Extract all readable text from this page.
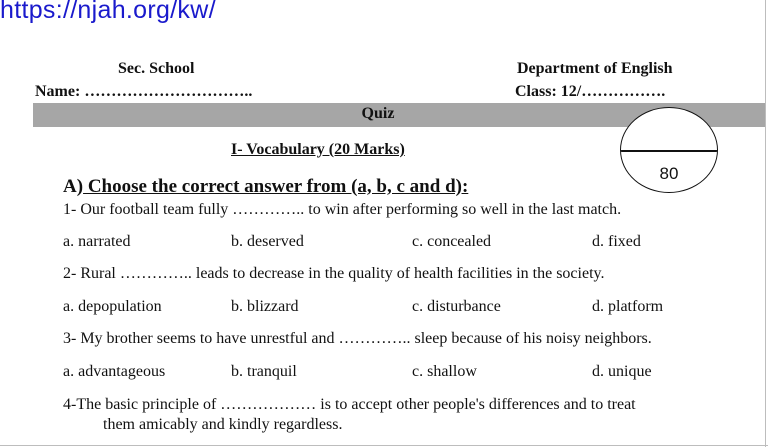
https://njah.org/kw/
Sec. School	Department of English
Name: …………………………..	Class: 12/…………….
Quiz
80
I- Vocabulary (20 Marks)
A) Choose the correct answer from (a, b, c and d):
1- Our football team fully ………….. to win after performing so well in the last match.
a. narrated	b. deserved	c. concealed	d. fixed
2- Rural ………….. leads to decrease in the quality of health facilities in the society.
a. depopulation	b. blizzard	c. disturbance	d. platform
3- My brother seems to have unrestful and ………….. sleep because of his noisy neighbors.
a. advantageous	b. tranquil	c. shallow	d. unique
4-The basic principle of ……………… is to accept other people's differences and to treat
them amicably and kindly regardless.
